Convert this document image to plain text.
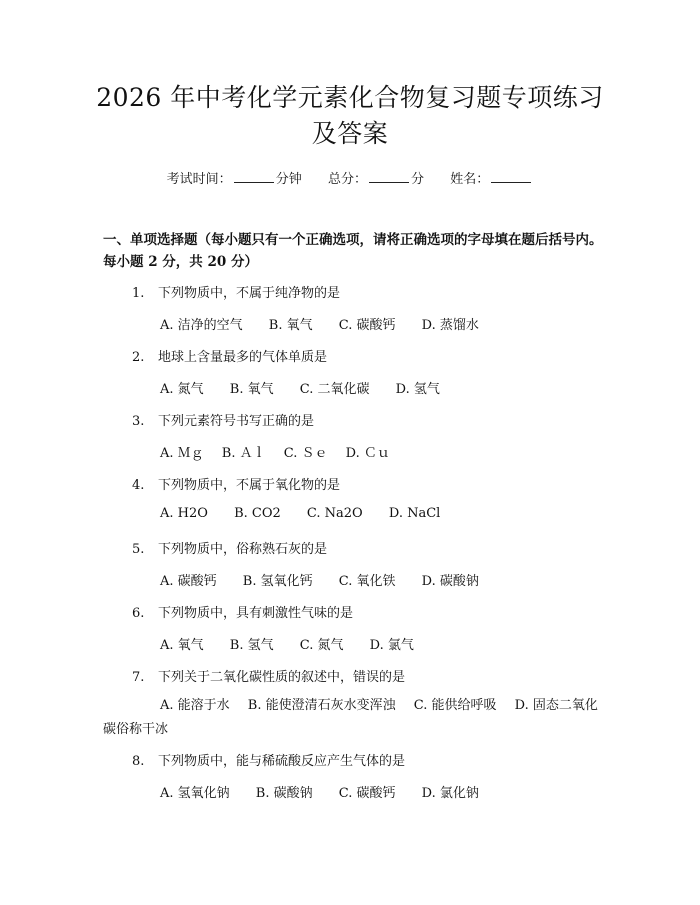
2026 年中考化学元素化合物复习题专项练习
及答案
考试时间：	分钟 总分：	分 姓名：
一、单项选择题（每小题只有一个正确选项，请将正确选项的字母填在题后括号内。每小题 2 分，共 20 分）
1. 下列物质中，不属于纯净物的是
A. 洁净的空气 B. 氧气 C. 碳酸钙 D. 蒸馏水
2. 地球上含量最多的气体单质是
A. 氮气 B. 氧气 C. 二氧化碳 D. 氢气
3. 下列元素符号书写正确的是
A. Ｍｇ B. Ａｌ C. Ｓｅ D. Ｃｕ
4. 下列物质中，不属于氧化物的是
A. H2O B. CO2 C. Na2O D. NaCl
5. 下列物质中，俗称熟石灰的是
A. 碳酸钙 B. 氢氧化钙 C. 氧化铁 D. 碳酸钠
6. 下列物质中，具有刺激性气味的是
A. 氧气 B. 氢气 C. 氮气 D. 氯气
7. 下列关于二氧化碳性质的叙述中，错误的是
A. 能溶于水 B. 能使澄清石灰水变浑浊 C. 能供给呼吸 D. 固态二氧化碳俗称干冰
8. 下列物质中，能与稀硫酸反应产生气体的是
A. 氢氧化钠 B. 碳酸钠 C. 碳酸钙 D. 氯化钠
